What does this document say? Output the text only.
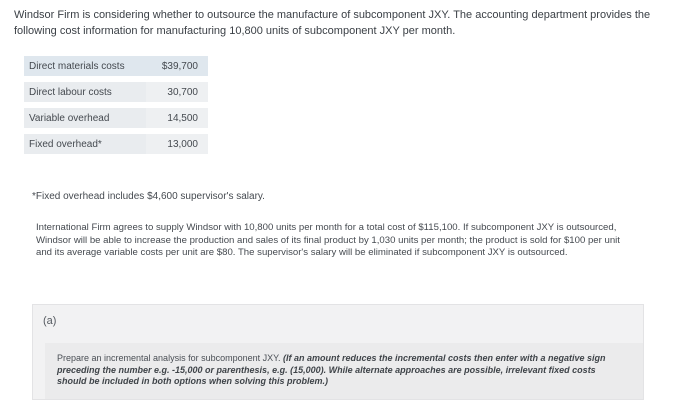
Windsor Firm is considering whether to outsource the manufacture of subcomponent JXY. The accounting department provides the following cost information for manufacturing 10,800 units of subcomponent JXY per month.

Direct materials costs	$39,700

Direct labour costs	30,700

Variable overhead	14,500

Fixed overhead*	13,000

*Fixed overhead includes $4,600 supervisor's salary.

International Firm agrees to supply Windsor with 10,800 units per month for a total cost of $115,100. If subcomponent JXY is outsourced, Windsor will be able to increase the production and sales of its final product by 1,030 units per month; the product is sold for $100 per unit and its average variable costs per unit are $80. The supervisor's salary will be eliminated if subcomponent JXY is outsourced.

(a)

Prepare an incremental analysis for subcomponent JXY. (If an amount reduces the incremental costs then enter with a negative sign preceding the number e.g. -15,000 or parenthesis, e.g. (15,000). While alternate approaches are possible, irrelevant fixed costs should be included in both options when solving this problem.)
